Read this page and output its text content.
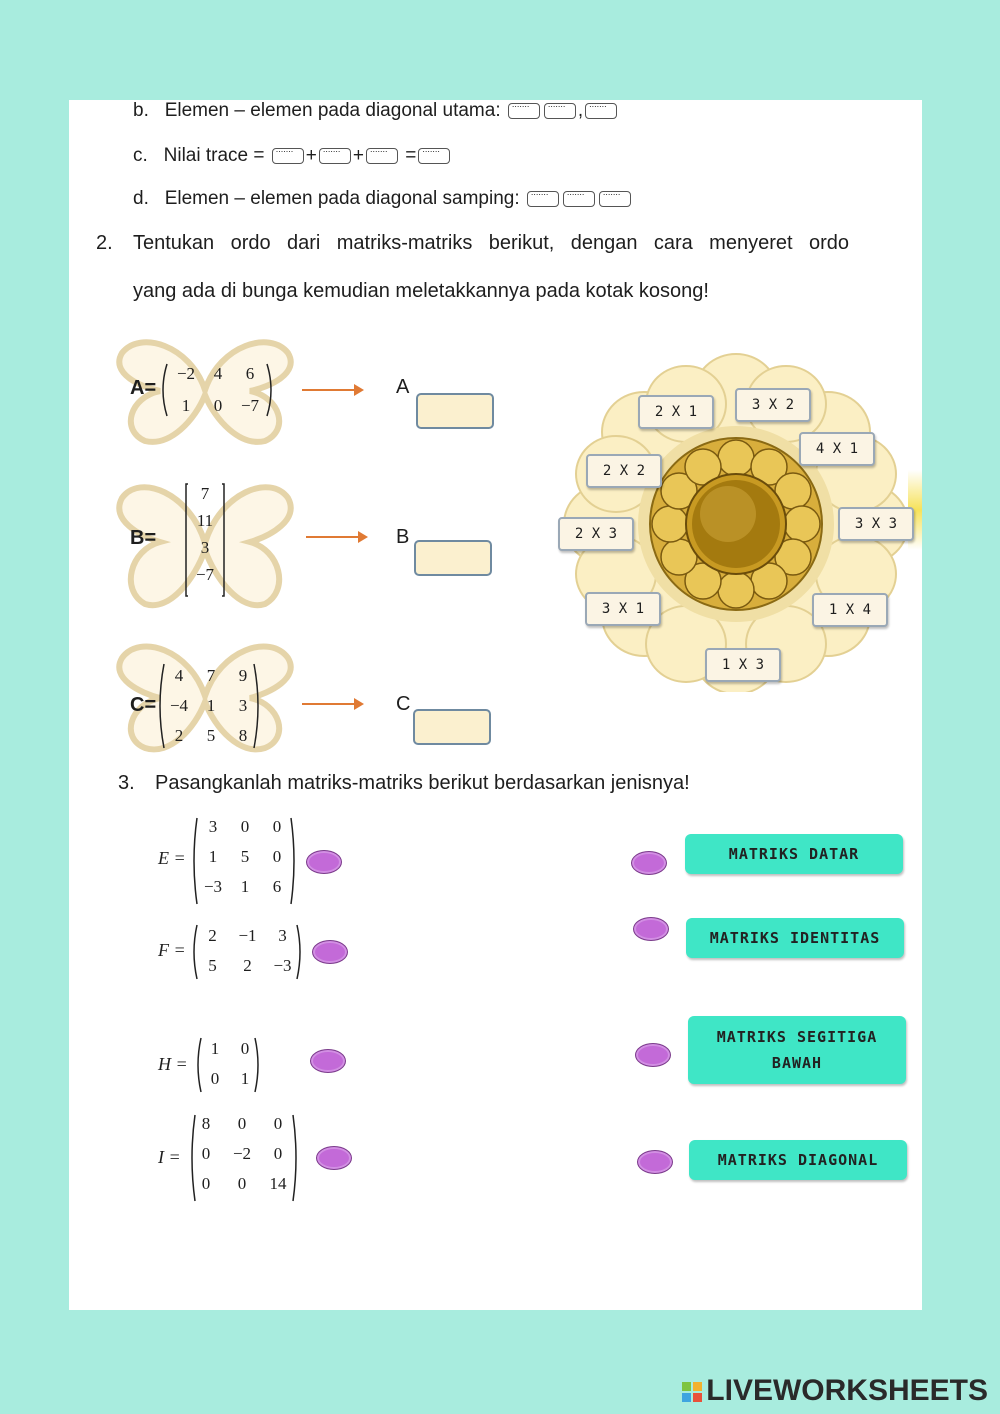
b. Elemen – elemen pada diagonal utama: ....... .......	,.......
c. Nilai trace = ....... + ....... + ....... =.......
d. Elemen – elemen pada diagonal samping: .....................
2. Tentukan ordo dari matriks-matriks berikut, dengan cara menyeret ordo
yang ada di bunga kemudian meletakkannya pada kotak kosong!
A=
−2	4	6
1	0	−7
A
B=
7
11
3
−7
B
C=
4	7	9
−4	1	3
2	5	8
C
2 X 1	3 X 2
4 X 1
2 X 2
3 X 3
2 X 3
3 X 1	1 X 4
1 X 3
3. Pasangkanlah matriks-matriks berikut berdasarkan jenisnya!
E =
3	0	0
1	5	0
−3	1	6
F =
2	−1	3
5	2	−3
H =
1	0
0	1
I =
8	0	0
0	−2	0
0	0	14
MATRIKS DATAR
MATRIKS IDENTITAS
MATRIKS SEGITIGA
BAWAH
MATRIKS DIAGONAL
LIVEWORKSHEETS
